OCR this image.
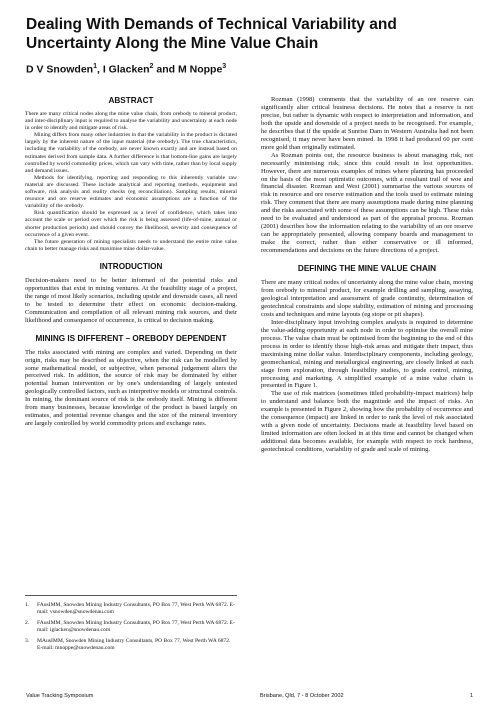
Dealing With Demands of Technical Variability and Uncertainty Along the Mine Value Chain
D V Snowden$^1$, I Glacken$^2$ and M Noppe$^3$
ABSTRACT

There are many critical nodes along the mine value chain, from orebody to mineral product, and inter-disciplinary input is required to analyse the variability and uncertainty at each node in order to identify and mitigate areas of risk.

Mining differs from many other industries in that the variability in the product is dictated largely by the inherent nature of the input material (the orebody). The true characteristics, including the variability of the orebody, are never known exactly and are instead based on estimates derived from sample data. A further difference is that bottom-line gains are largely controlled by world commodity prices, which can vary with time, rather than by local supply and demand issues.

Methods for identifying, reporting and responding to this inherently variable raw material are discussed. These include analytical and reporting methods, equipment and software, risk analysis and reality checks (eg reconciliation). Sampling results, mineral resource and ore reserve estimates and economic assumptions are a function of the variability of the orebody.

Risk quantification should be expressed as a level of confidence, which takes into account the scale or period over which the risk is being assessed (life-of-mine, annual or shorter production periods) and should convey the likelihood, severity and consequence of occurrence of a given event.

The future generation of mining specialists needs to understand the entire mine value chain to better manage risks and maximise mine dollar-value.

INTRODUCTION

Decision-makers need to be better informed of the potential risks and opportunities that exist in mining ventures. At the feasibility stage of a project, the range of most likely scenarios, including upside and downside cases, all need to be tested to determine their effect on economic decision-making. Communication and compilation of all relevant mining risk sources, and their likelihood and consequence of occurrence, is critical to decision making.

MINING IS DIFFERENT – OREBODY DEPENDENT

The risks associated with mining are complex and varied. Depending on their origin, risks may be described as objective, when the risk can be modelled by some mathematical model, or subjective, when personal judgement alters the perceived risk. In addition, the source of risk may be dominated by either potential human intervention or by one's understanding of largely untested geologically controlled factors, such as interpretive models or structural controls. In mining, the dominant source of risk is the orebody itself. Mining is different from many businesses, because knowledge of the product is based largely on estimates, and potential revenue changes and the size of the mineral inventory are largely controlled by world commodity prices and exchange rates.

1.	FAusIMM, Snowden Mining Industry Consultants, PO Box 77, West Perth WA 6872. E-mail: vsnowden@snowdenau.com
2.	FAusIMM, Snowden Mining Industry Consultants, PO Box 77, West Perth WA 6872. E-mail: iglacken@snowdenau.com
3.	MAusIMM, Snowden Mining Industry Consultants, PO Box 77, West Perth WA 6872. E-mail: mnoppe@snowdenau.com

Rozman (1998) comments that the variability of an ore reserve can significantly alter critical business decisions. He notes that a reserve is not precise, but rather is dynamic with respect to interpretation and information, and both the upside and downside of a project needs to be recognised. For example, he describes that if the upside at Sunrise Dam in Western Australia had not been recognised, it may never have been mined. In 1998 it had produced 60 per cent more gold than originally estimated.

As Rozman points out, the resource business is about managing risk, not necessarily minimising risk, since this could result in lost opportunities. However, there are numerous examples of mines where planning has proceeded on the basis of the most optimistic outcomes, with a resultant trail of woe and financial disaster. Rozman and West (2001) summarise the various sources of risk in resource and ore reserve estimation and the tools used to estimate mining risk. They comment that there are many assumptions made during mine planning and the risks associated with some of these assumptions can be high. These risks need to be evaluated and understood as part of the appraisal process. Rozman (2001) describes how the information relating to the variability of an ore reserve can be appropriately presented, allowing company boards and management to make the correct, rather than either conservative or ill informed, recommendations and decisions on the future directions of a project.

DEFINING THE MINE VALUE CHAIN

There are many critical nodes of uncertainty along the mine value chain, moving from orebody to mineral product, for example drilling and sampling, assaying, geological interpretation and assessment of grade continuity, determination of geotechnical constraints and slope stability, estimation of mining and processing costs and techniques and mine layouts (eg stope or pit shapes).

Inter-disciplinary input involving complex analysis is required to determine the value-adding opportunity at each node in order to optimise the overall mine process. The value chain must be optimised from the beginning to the end of this process in order to identify those high-risk areas and mitigate their impact, thus maximising mine dollar value. Interdisciplinary components, including geology, geomechanical, mining and metallurgical engineering, are closely linked at each stage from exploration, through feasibility studies, to grade control, mining, processing and marketing. A simplified example of a mine value chain is presented in Figure 1.

The use of risk matrices (sometimes titled probability-impact matrices) help to understand and balance both the magnitude and the impact of risks. An example is presented in Figure 2, showing how the probability of occurrence and the consequence (impact) are linked in order to rank the level of risk associated with a given node of uncertainty. Decisions made at feasibility level based on limited information are often locked in at this time and cannot be changed when additional data becomes available, for example with respect to rock hardness, geotechnical conditions, variability of grade and scale of mining.

Value Tracking Symposium	Brisbane, Qld, 7 - 8 October 2002	1
